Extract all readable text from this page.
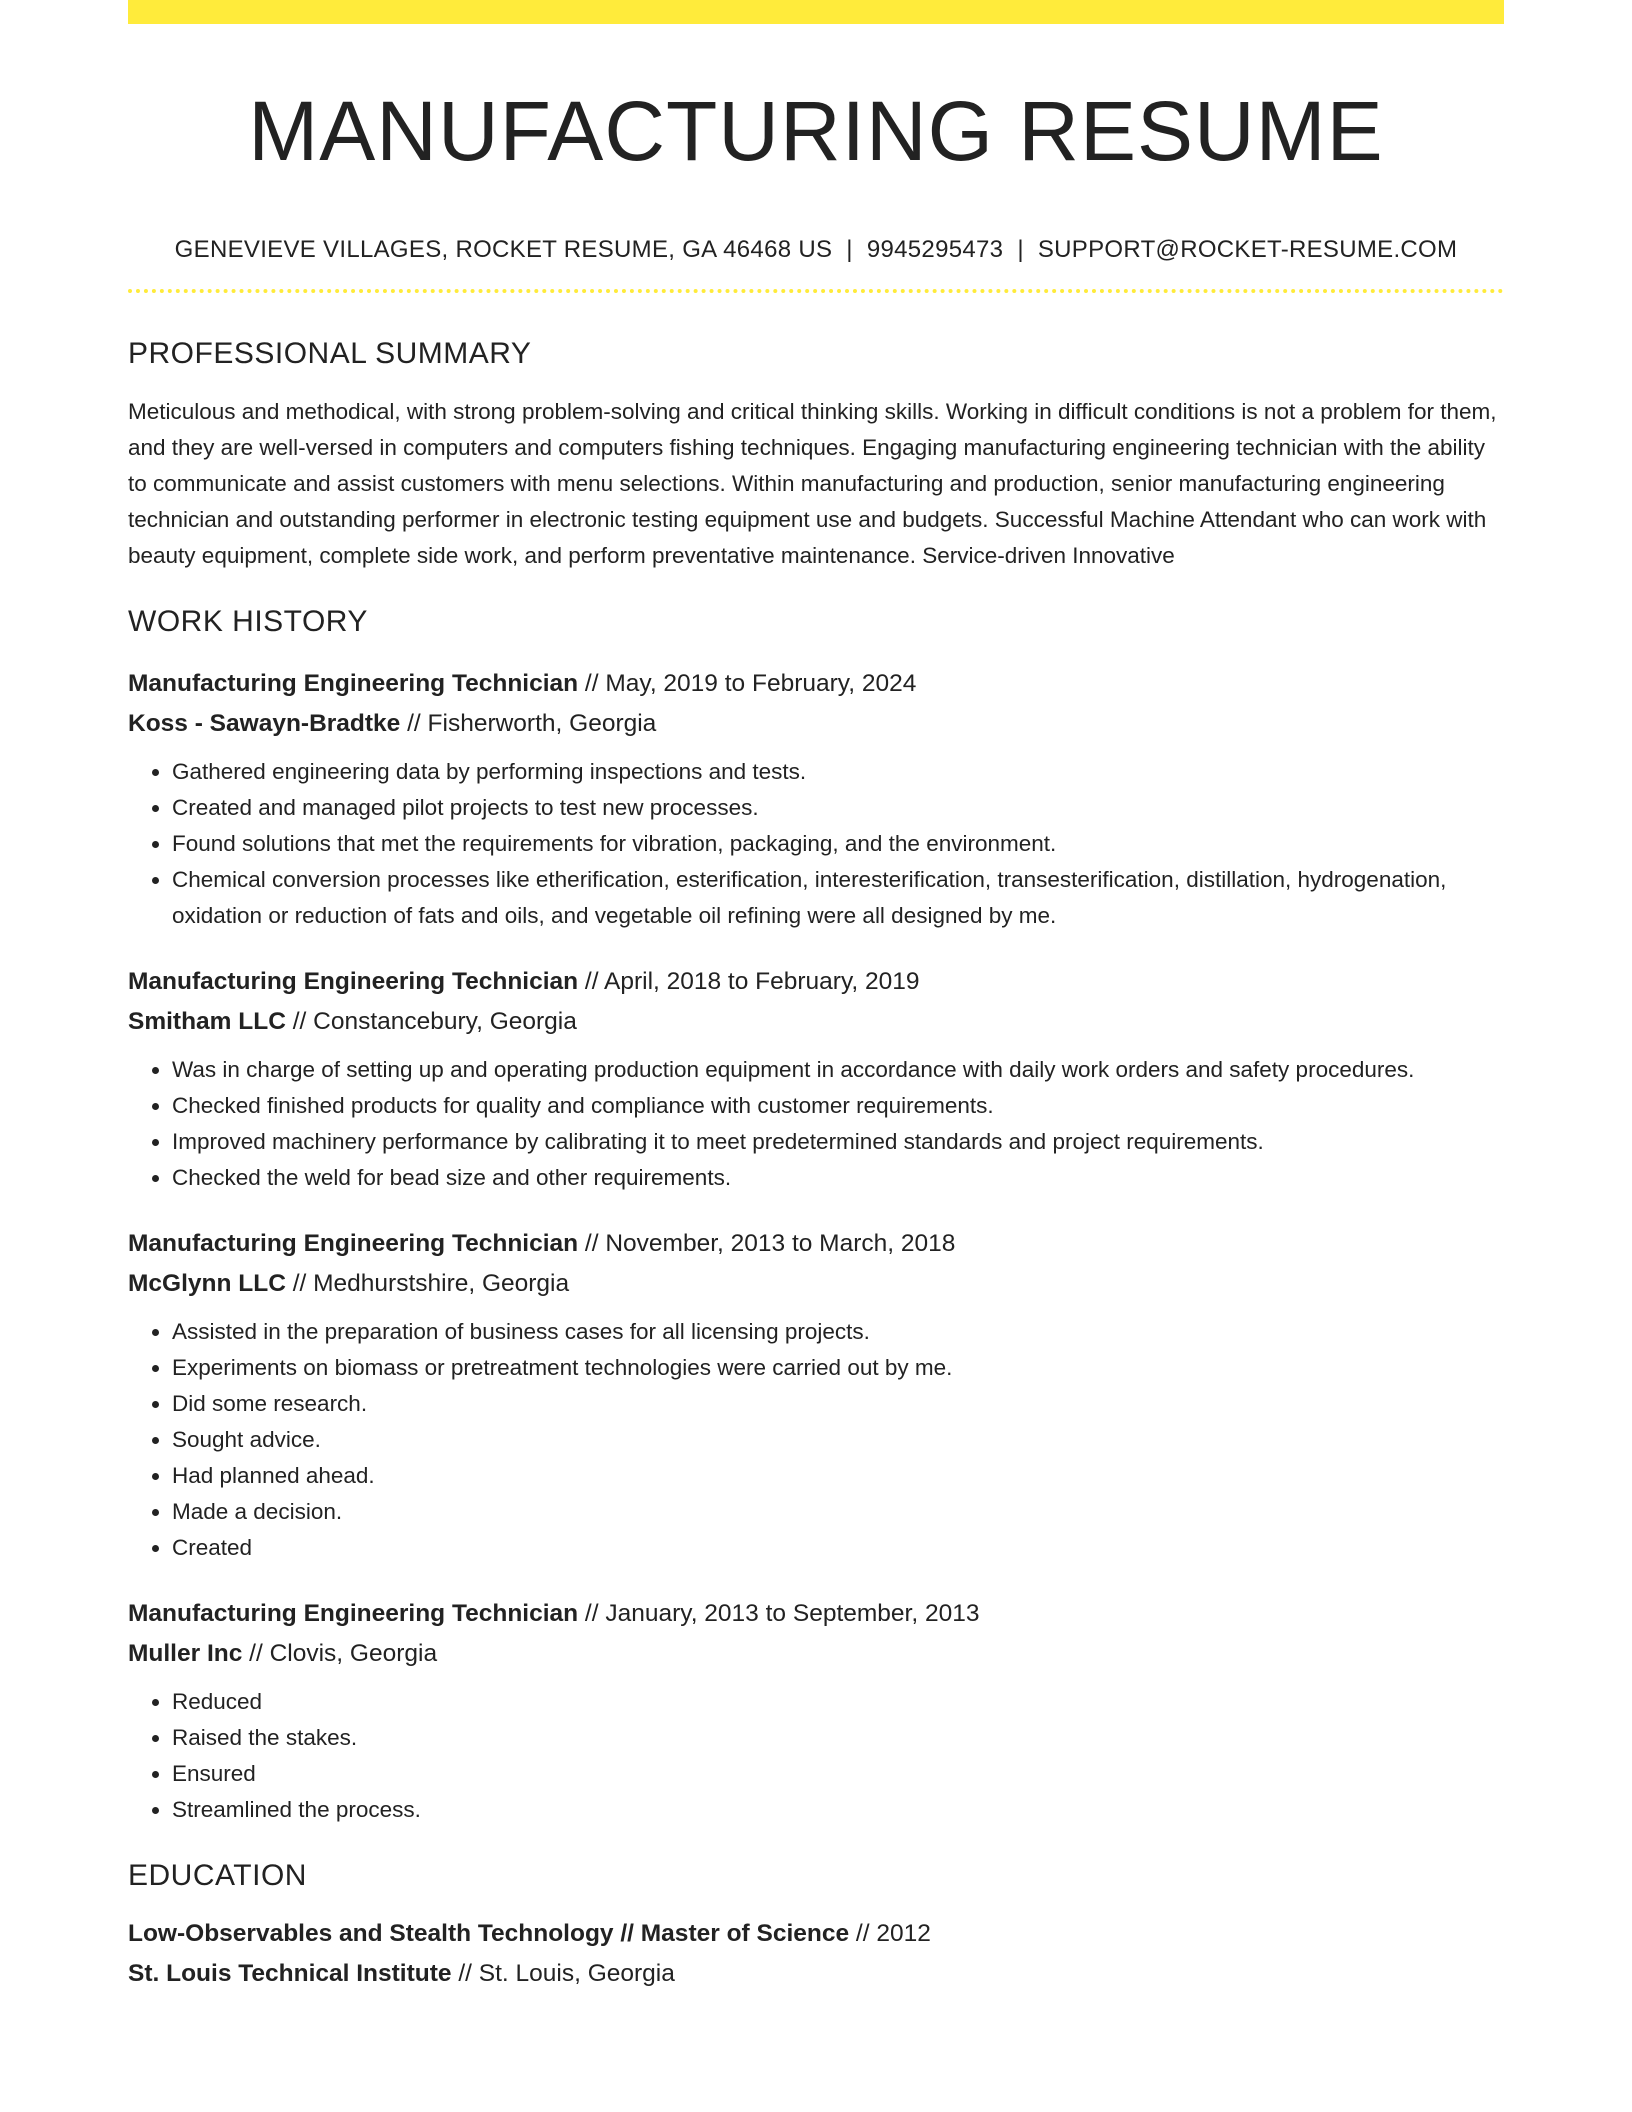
MANUFACTURING RESUME
GENEVIEVE VILLAGES, ROCKET RESUME, GA 46468 US | 9945295473 | SUPPORT@ROCKET-RESUME.COM
PROFESSIONAL SUMMARY

Meticulous and methodical, with strong problem-solving and critical thinking skills. Working in difficult conditions is not a problem for them, and they are well-versed in computers and computers fishing techniques. Engaging manufacturing engineering technician with the ability to communicate and assist customers with menu selections. Within manufacturing and production, senior manufacturing engineering technician and outstanding performer in electronic testing equipment use and budgets. Successful Machine Attendant who can work with beauty equipment, complete side work, and perform preventative maintenance. Service-driven Innovative

WORK HISTORY

Manufacturing Engineering Technician // May, 2019 to February, 2024

Koss - Sawayn-Bradtke // Fisherworth, Georgia

• Gathered engineering data by performing inspections and tests.
• Created and managed pilot projects to test new processes.
• Found solutions that met the requirements for vibration, packaging, and the environment.
• Chemical conversion processes like etherification, esterification, interesterification, transesterification, distillation, hydrogenation, oxidation or reduction of fats and oils, and vegetable oil refining were all designed by me.

Manufacturing Engineering Technician // April, 2018 to February, 2019

Smitham LLC // Constancebury, Georgia

• Was in charge of setting up and operating production equipment in accordance with daily work orders and safety procedures.
• Checked finished products for quality and compliance with customer requirements.
• Improved machinery performance by calibrating it to meet predetermined standards and project requirements.
• Checked the weld for bead size and other requirements.

Manufacturing Engineering Technician // November, 2013 to March, 2018

McGlynn LLC // Medhurstshire, Georgia

• Assisted in the preparation of business cases for all licensing projects.
• Experiments on biomass or pretreatment technologies were carried out by me.
• Did some research.
• Sought advice.
• Had planned ahead.
• Made a decision.
• Created

Manufacturing Engineering Technician // January, 2013 to September, 2013

Muller Inc // Clovis, Georgia

• Reduced
• Raised the stakes.
• Ensured
• Streamlined the process.
EDUCATION

Low-Observables and Stealth Technology // Master of Science // 2012

St. Louis Technical Institute // St. Louis, Georgia
